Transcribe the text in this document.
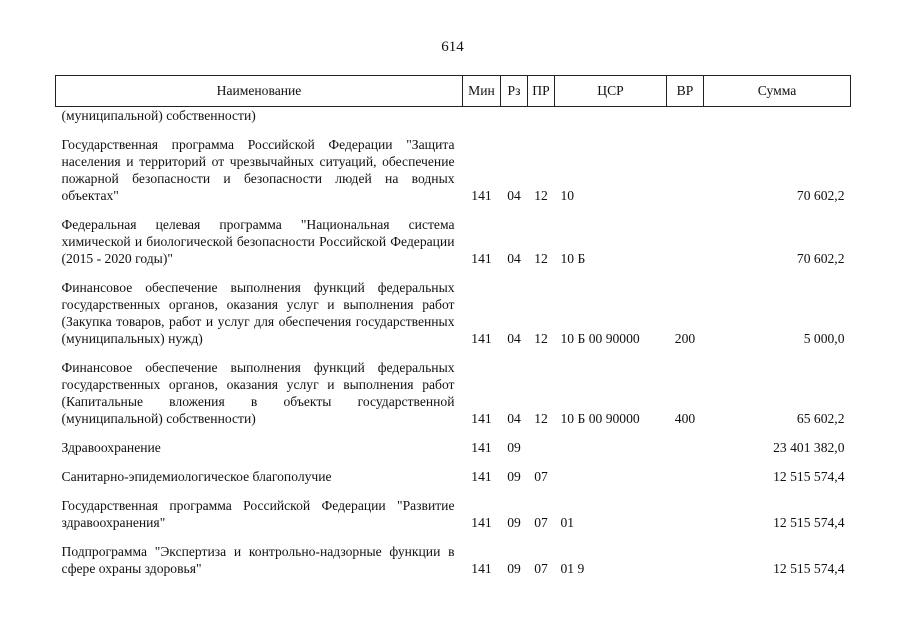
614
Наименование	Мин	Рз	ПР	ЦСР	ВР	Сумма
(муниципальной) собственности)						

Государственная программа Российской Федерации "Защита населения и территорий от чрезвычайных ситуаций, обеспечение пожарной безопасности и безопасности людей на водных объектах"	141	04	12	10		70 602,2

Федеральная целевая программа "Национальная система химической и биологической безопасности Российской Федерации (2015 - 2020 годы)"	141	04	12	10 Б		70 602,2

Финансовое обеспечение выполнения функций федеральных государственных органов, оказания услуг и выполнения работ (Закупка товаров, работ и услуг для обеспечения государственных (муниципальных) нужд)	141	04	12	10 Б 00 90000	200	5 000,0

Финансовое обеспечение выполнения функций федеральных государственных органов, оказания услуг и выполнения работ (Капитальные вложения в объекты государственной (муниципальной) собственности)	141	04	12	10 Б 00 90000	400	65 602,2

Здравоохранение	141	09				23 401 382,0

Санитарно-эпидемиологическое благополучие	141	09	07			12 515 574,4

Государственная программа Российской Федерации "Развитие здравоохранения"	141	09	07	01		12 515 574,4

Подпрограмма "Экспертиза и контрольно-надзорные функции в сфере охраны здоровья"	141	09	07	01 9		12 515 574,4
